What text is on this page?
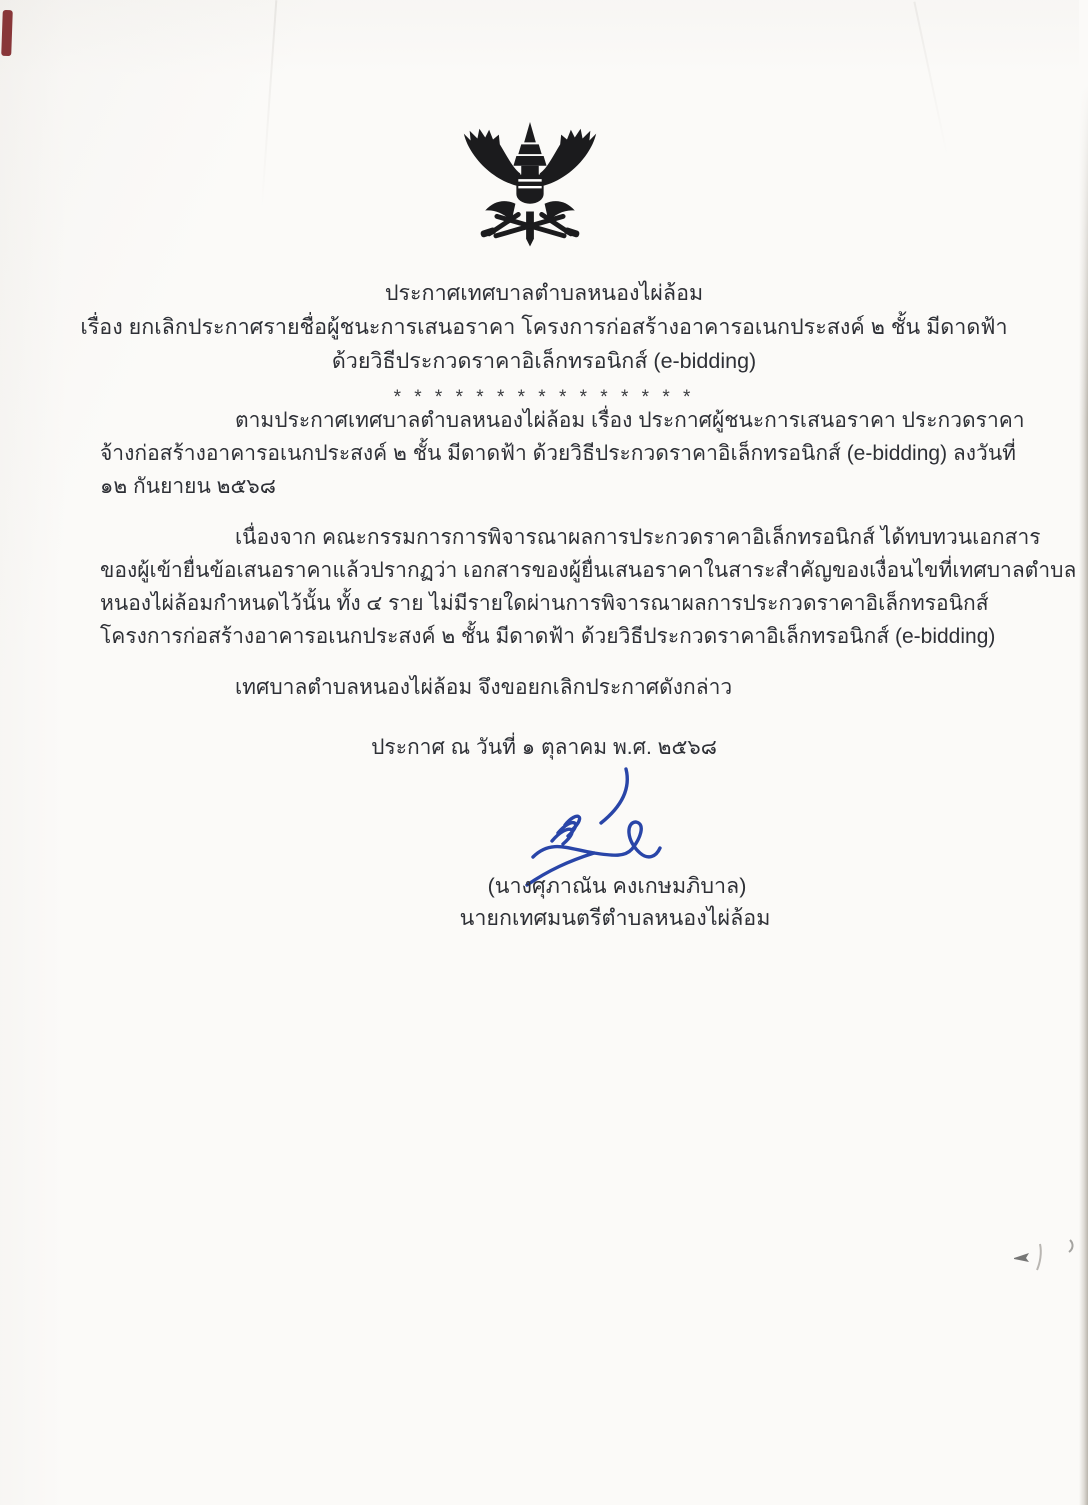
ประกาศเทศบาลตำบลหนองไผ่ล้อม
เรื่อง ยกเลิกประกาศรายชื่อผู้ชนะการเสนอราคา โครงการก่อสร้างอาคารอเนกประสงค์ ๒ ชั้น มีดาดฟ้า
ด้วยวิธีประกวดราคาอิเล็กทรอนิกส์ (e-bidding)
* * * * * * * * * * * * * * *
ตามประกาศเทศบาลตำบลหนองไผ่ล้อม เรื่อง ประกาศผู้ชนะการเสนอราคา ประกวดราคา
จ้างก่อสร้างอาคารอเนกประสงค์ ๒ ชั้น มีดาดฟ้า ด้วยวิธีประกวดราคาอิเล็กทรอนิกส์ (e-bidding) ลงวันที่
๑๒ กันยายน ๒๕๖๘
เนื่องจาก คณะกรรมการการพิจารณาผลการประกวดราคาอิเล็กทรอนิกส์ ได้ทบทวนเอกสาร
ของผู้เข้ายื่นข้อเสนอราคาแล้วปรากฏว่า เอกสารของผู้ยื่นเสนอราคาในสาระสำคัญของเงื่อนไขที่เทศบาลตำบล
หนองไผ่ล้อมกำหนดไว้นั้น ทั้ง ๔ ราย ไม่มีรายใดผ่านการพิจารณาผลการประกวดราคาอิเล็กทรอนิกส์
โครงการก่อสร้างอาคารอเนกประสงค์ ๒ ชั้น มีดาดฟ้า ด้วยวิธีประกวดราคาอิเล็กทรอนิกส์ (e-bidding)
เทศบาลตำบลหนองไผ่ล้อม จึงขอยกเลิกประกาศดังกล่าว
ประกาศ ณ วันที่ ๑ ตุลาคม พ.ศ. ๒๕๖๘
(นางศุภาณัน คงเกษมภิบาล)
นายกเทศมนตรีตำบลหนองไผ่ล้อม
